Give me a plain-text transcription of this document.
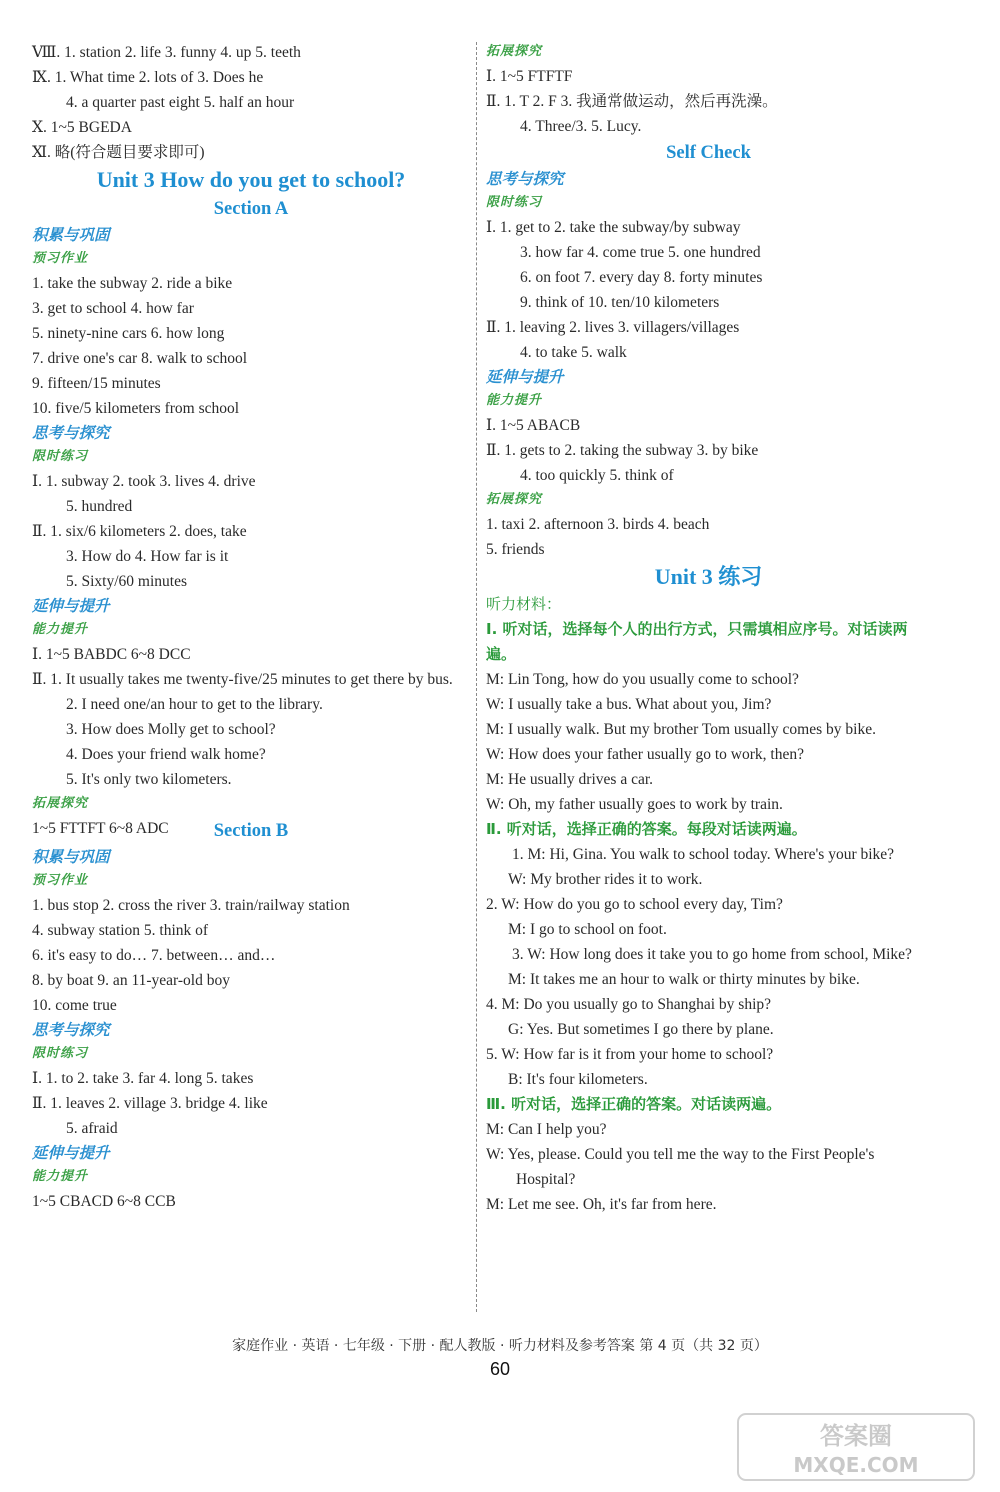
Ⅷ. 1. station 2. life 3. funny 4. up 5. teeth
Ⅸ. 1. What time 2. lots of 3. Does he
4. a quarter past eight 5. half an hour
Ⅹ. 1~5 BGEDA
Ⅺ. 略(符合题目要求即可)
Unit 3 How do you get to school?
Section A
积累与巩固
预习作业
1. take the subway 2. ride a bike
3. get to school 4. how far
5. ninety-nine cars 6. how long
7. drive one's car 8. walk to school
9. fifteen/15 minutes
10. five/5 kilometers from school
思考与探究
限时练习
Ⅰ. 1. subway 2. took 3. lives 4. drive
5. hundred
Ⅱ. 1. six/6 kilometers 2. does, take
3. How do 4. How far is it
5. Sixty/60 minutes
延伸与提升
能力提升
Ⅰ. 1~5 BABDC 6~8 DCC
Ⅱ. 1. It usually takes me twenty-five/25 minutes to get there by bus.
2. I need one/an hour to get to the library.
3. How does Molly get to school?
4. Does your friend walk home?
5. It's only two kilometers.
拓展探究
1~5 FTTFT 6~8 ADC	Section B
积累与巩固
预习作业
1. bus stop 2. cross the river 3. train/railway station
4. subway station 5. think of
6. it's easy to do… 7. between… and…
8. by boat 9. an 11-year-old boy
10. come true
思考与探究
限时练习
Ⅰ. 1. to 2. take 3. far 4. long 5. takes
Ⅱ. 1. leaves 2. village 3. bridge 4. like
5. afraid
延伸与提升
能力提升
1~5 CBACD 6~8 CCB
拓展探究
Ⅰ. 1~5 FTFTF
Ⅱ. 1. T 2. F 3. 我通常做运动，然后再洗澡。
4. Three/3. 5. Lucy.
Self Check
思考与探究
限时练习
Ⅰ. 1. get to 2. take the subway/by subway
3. how far 4. come true 5. one hundred
6. on foot 7. every day 8. forty minutes
9. think of 10. ten/10 kilometers
Ⅱ. 1. leaving 2. lives 3. villagers/villages
4. to take 5. walk
延伸与提升
能力提升
Ⅰ. 1~5 ABACB
Ⅱ. 1. gets to 2. taking the subway 3. by bike
4. too quickly 5. think of
拓展探究
1. taxi 2. afternoon 3. birds 4. beach
5. friends
Unit 3 练习
听力材料：
Ⅰ. 听对话，选择每个人的出行方式，只需填相应序号。对话读两遍。
M: Lin Tong, how do you usually come to school?
W: I usually take a bus. What about you, Jim?
M: I usually walk. But my brother Tom usually comes by bike.
W: How does your father usually go to work, then?
M: He usually drives a car.
W: Oh, my father usually goes to work by train.
Ⅱ. 听对话，选择正确的答案。每段对话读两遍。
1. M: Hi, Gina. You walk to school today. Where's your bike?
W: My brother rides it to work.
2. W: How do you go to school every day, Tim?
M: I go to school on foot.
3. W: How long does it take you to go home from school, Mike?
M: It takes me an hour to walk or thirty minutes by bike.
4. M: Do you usually go to Shanghai by ship?
G: Yes. But sometimes I go there by plane.
5. W: How far is it from your home to school?
B: It's four kilometers.
Ⅲ. 听对话，选择正确的答案。对话读两遍。
M: Can I help you?
W: Yes, please. Could you tell me the way to the First People's Hospital?
M: Let me see. Oh, it's far from here.
家庭作业 · 英语 · 七年级 · 下册 · 配人教版 · 听力材料及参考答案 第 4 页（共 32 页）
60
答案圈
MXQE.COM
